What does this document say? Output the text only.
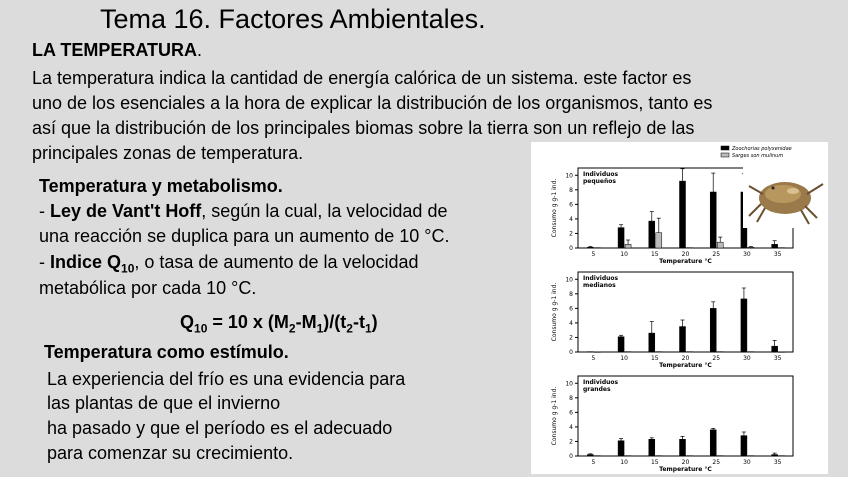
Tema 16. Factores Ambientales.
LA TEMPERATURA.
La temperatura indica la cantidad de energía calórica de un sistema. este factor es
uno de los esenciales a la hora de explicar la distribución de los organismos, tanto es
así que la distribución de los principales biomas sobre la tierra son un reflejo de las
principales zonas de temperatura.
Temperatura y metabolismo.
- Ley de Vant't Hoff, según la cual, la velocidad de
una reacción se duplica para un aumento de 10 °C.
- Indice $Q_{10}$, o tasa de aumento de la velocidad
metabólica por cada 10 °C.
$Q_{10} = 10$ x $(M_2-M_1)/(t_2-t_1)$
Temperatura como estímulo.
La experiencia del frío es una evidencia para
las plantas de que el invierno
ha pasado y que el período es el adecuado
para comenzar su crecimiento.
0
2
4
6
8
10
5	10	15	20	25	30	35
Individuos
pequeños
Temperature °C
Consumo g g-1 ind.
Zoochorias polyxenidae
Sarges son mulinum
0
2
4
6
8
10
5	10	15	20	25	30	35
Individuos
medianos
Temperature °C
Consumo g g-1 ind.
0
2
4
6
8
10
5	10	15	20	25	30	35
Individuos
grandes
Temperature °C
Consumo g g-1 ind.
